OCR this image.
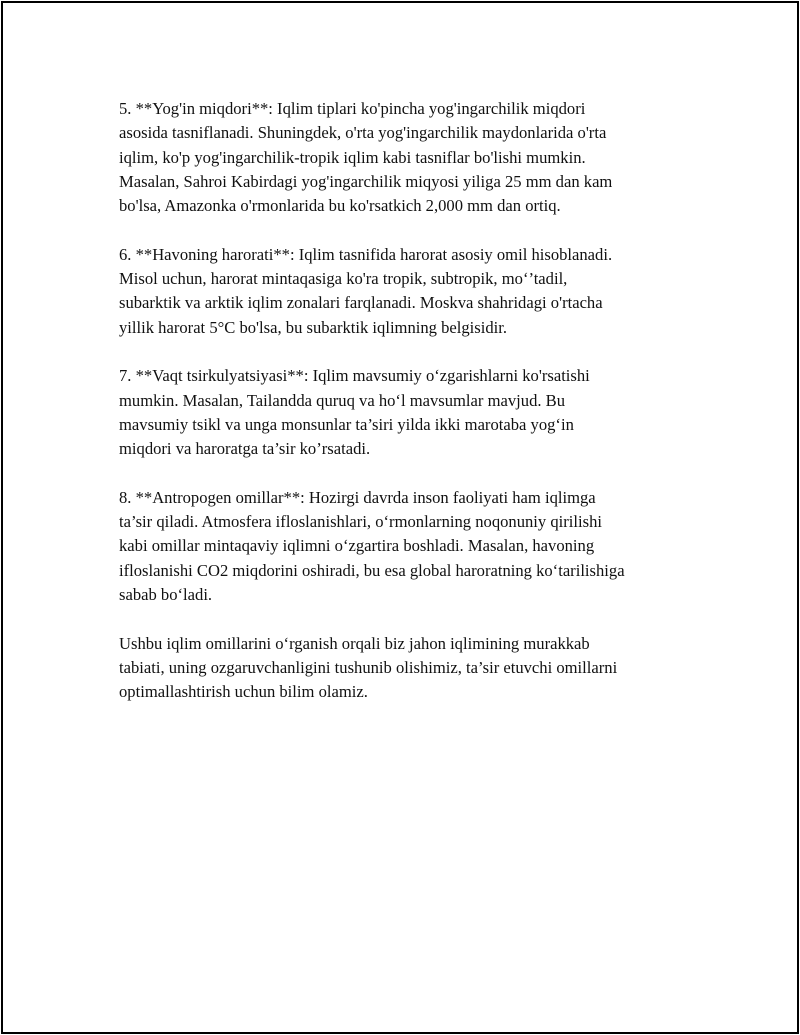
5. **Yog'in miqdori**: Iqlim tiplari ko'pincha yog'ingarchilik miqdori
asosida tasniflanadi. Shuningdek, o'rta yog'ingarchilik maydonlarida o'rta
iqlim, ko'p yog'ingarchilik-tropik iqlim kabi tasniflar bo'lishi mumkin.
Masalan, Sahroi Kabirdagi yog'ingarchilik miqyosi yiliga 25 mm dan kam
bo'lsa, Amazonka o'rmonlarida bu ko'rsatkich 2,000 mm dan ortiq.

6. **Havoning harorati**: Iqlim tasnifida harorat asosiy omil hisoblanadi.
Misol uchun, harorat mintaqasiga ko'ra tropik, subtropik, mo‘’tadil,
subarktik va arktik iqlim zonalari farqlanadi. Moskva shahridagi o'rtacha
yillik harorat 5°C bo'lsa, bu subarktik iqlimning belgisidir.

7. **Vaqt tsirkulyatsiyasi**: Iqlim mavsumiy o‘zgarishlarni ko'rsatishi
mumkin. Masalan, Tailandda quruq va ho‘l mavsumlar mavjud. Bu
mavsumiy tsikl va unga monsunlar ta’siri yilda ikki marotaba yog‘in
miqdori va haroratga ta’sir ko’rsatadi.

8. **Antropogen omillar**: Hozirgi davrda inson faoliyati ham iqlimga
ta’sir qiladi. Atmosfera ifloslanishlari, o‘rmonlarning noqonuniy qirilishi
kabi omillar mintaqaviy iqlimni o‘zgartira boshladi. Masalan, havoning
ifloslanishi CO2 miqdorini oshiradi, bu esa global haroratning ko‘tarilishiga
sabab bo‘ladi.

Ushbu iqlim omillarini o‘rganish orqali biz jahon iqlimining murakkab
tabiati, uning ozgaruvchanligini tushunib olishimiz, ta’sir etuvchi omillarni
optimallashtirish uchun bilim olamiz.
